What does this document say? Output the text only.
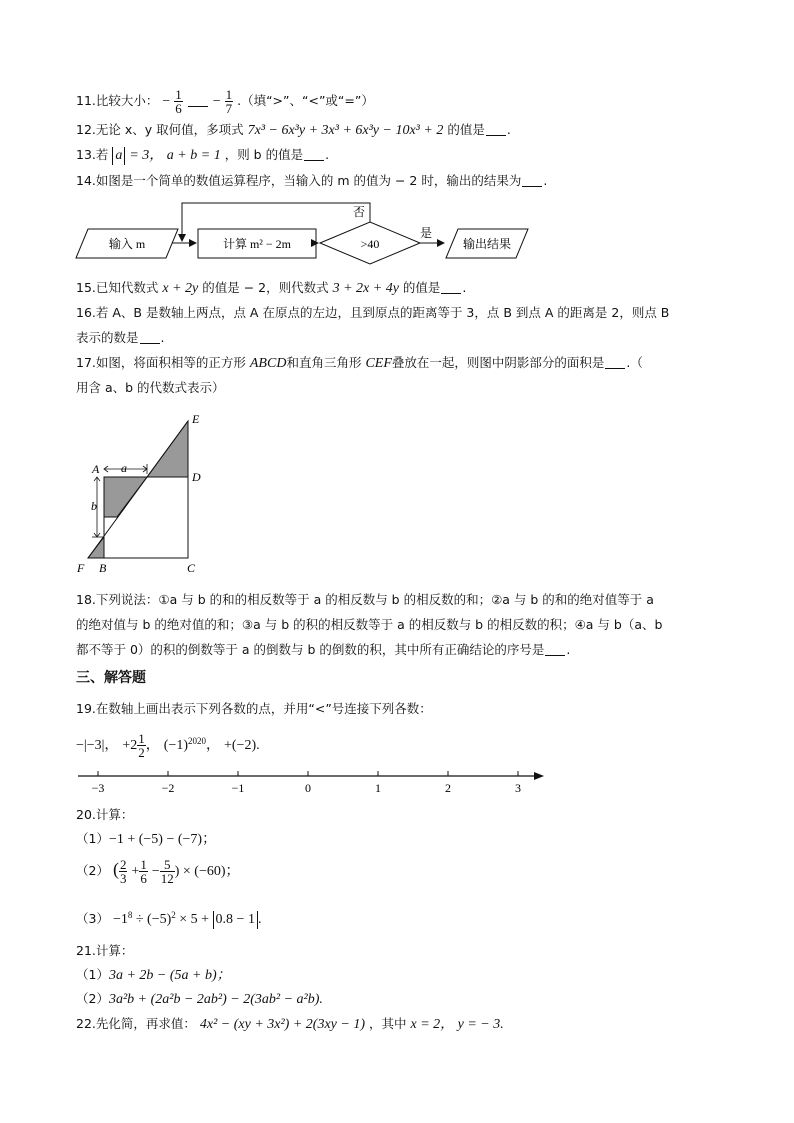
11.比较大小： − $\frac{1}{6} - \frac{1}{7}$ .（填“>”、“<”或“=”）
12.无论 x、y 取何值，多项式 7x³ − 6x³y + 3x³ + 6x³y − 10x³ + 2 的值是 .
13.若 a = 3， a + b = 1 ，则 b 的值是 .
14.如图是一个简单的数值运算程序，当输入的 m 的值为 − 2 时，输出的结果为 .
输入 m	计算 m² − 2m	>40
否
是
输出结果
15.已知代数式 x + 2y 的值是 − 2，则代数式 3 + 2x + 4y 的值是 .
16.若 A、B 是数轴上两点，点 A 在原点的左边，且到原点的距离等于 3，点 B 到点 A 的距离是 2，则点 B
表示的数是 .
17.如图，将面积相等的正方形 ABCD和直角三角形 CEF叠放在一起，则图中阴影部分的面积是 .（
用含 a、b 的代数式表示）
A a
b
E
D
C
F B
18.下列说法：①a 与 b 的和的相反数等于 a 的相反数与 b 的相反数的和；②a 与 b 的和的绝对值等于 a
的绝对值与 b 的绝对值的和；③a 与 b 的积的相反数等于 a 的相反数与 b 的相反数的积；④a 与 b（a、b
都不等于 0）的积的倒数等于 a 的倒数与 b 的倒数的积，其中所有正确结论的序号是 .
三、解答题
19.在数轴上画出表示下列各数的点，并用“<”号连接下列各数：
−|−3|， $+2 \frac{1}{2}$ ， $(-1)^{2020}$， +(−2).
−3	−2	−1	0	1	2	3
20.计算：
（1）−1 + (−5) − (−7)；
（2） ( $\frac{2}{3} + \frac{1}{6} - \frac{5}{12}$ ) × (−60)；
$(3) -1^8 \div (-5)^2 \times 5 + 0.8 - 1$ .
21.计算：
（1）3a + 2b − (5a + b)；
（2）3a²b + (2a²b − 2ab²) − 2(3ab² − a²b).
22.先化简，再求值： 4x² − (xy + 3x²) + 2(3xy − 1) ，其中 x = 2， y = − 3.
